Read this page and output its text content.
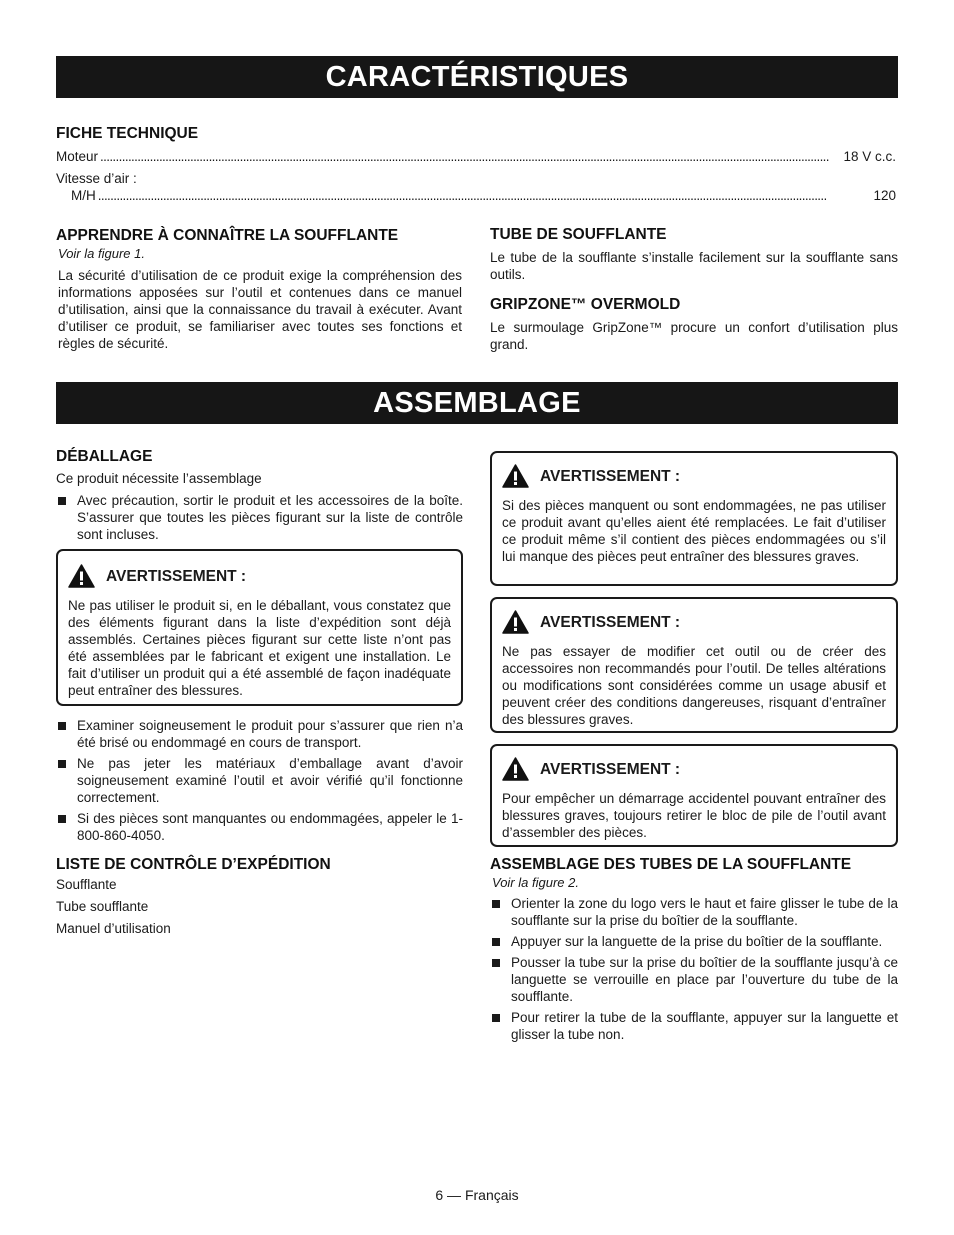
CARACTÉRISTIQUES
FICHE TECHNIQUE
Moteur . . .	18 V c.c.
Vitesse d’air :
M/H . . .	120
APPRENDRE À CONNAÎTRE LA SOUFFLANTE
Voir la figure 1.

La sécurité d’utilisation de ce produit exige la compréhension des informations apposées sur l’outil et contenues dans ce manuel d’utilisation, ainsi que la connaissance du travail à exécuter. Avant d’utiliser ce produit, se familiariser avec toutes ses fonctions et règles de sécurité.

TUBE DE SOUFFLANTE

Le tube de la soufflante s’installe facilement sur la soufflante sans outils.

GRIPZONE™ OVERMOLD

Le surmoulage GripZone™ procure un confort d’utilisation plus grand.

ASSEMBLAGE
DÉBALLAGE

Ce produit nécessite l’assemblage

Avec précaution, sortir le produit et les accessoires de la boîte. S’assurer que toutes les pièces figurant sur la liste de contrôle sont incluses.
AVERTISSEMENT :
Ne pas utiliser le produit si, en le déballant, vous constatez que des éléments figurant dans la liste d’expédition sont déjà assemblés. Certaines pièces figurant sur cette liste n’ont pas été assemblées par le fabricant et exigent une installation. Le fait d’utiliser un produit qui a été assemblé de façon inadéquate peut entraîner des blessures.
Examiner soigneusement le produit pour s’assurer que rien n’a été brisé ou endommagé en cours de transport.
Ne pas jeter les matériaux d’emballage avant d’avoir soigneusement examiné l’outil et avoir vérifié qu’il fonctionne correctement.
Si des pièces sont manquantes ou endommagées, appeler le 1-800-860-4050.
LISTE DE CONTRÔLE D’EXPÉDITION
Soufflante
Tube soufflante
Manuel d’utilisation
AVERTISSEMENT :
Si des pièces manquent ou sont endommagées, ne pas utiliser ce produit avant qu’elles aient été remplacées. Le fait d’utiliser ce produit même s’il contient des pièces endommagées ou s’il lui manque des pièces peut entraîner des blessures graves.
AVERTISSEMENT :
Ne pas essayer de modifier cet outil ou de créer des accessoires non recommandés pour l’outil. De telles altérations ou modifications sont considérées comme un usage abusif et peuvent créer des conditions dangereuses, risquant d’entraîner des blessures graves.
AVERTISSEMENT :
Pour empêcher un démarrage accidentel pouvant entraîner des blessures graves, toujours retirer le bloc de pile de l’outil avant d’assembler des pièces.
ASSEMBLAGE DES TUBES DE LA SOUFFLANTE
Voir la figure 2.
Orienter la zone du logo vers le haut et faire glisser le tube de la soufflante sur la prise du boîtier de la soufflante.
Appuyer sur la languette de la prise du boîtier de la soufflante.
Pousser la tube sur la prise du boîtier de la soufflante jusqu’à ce languette se verrouille en place par l’ouverture du tube de la soufflante.
Pour retirer la tube de la soufflante, appuyer sur la languette et glisser la tube non.
6 — Français
